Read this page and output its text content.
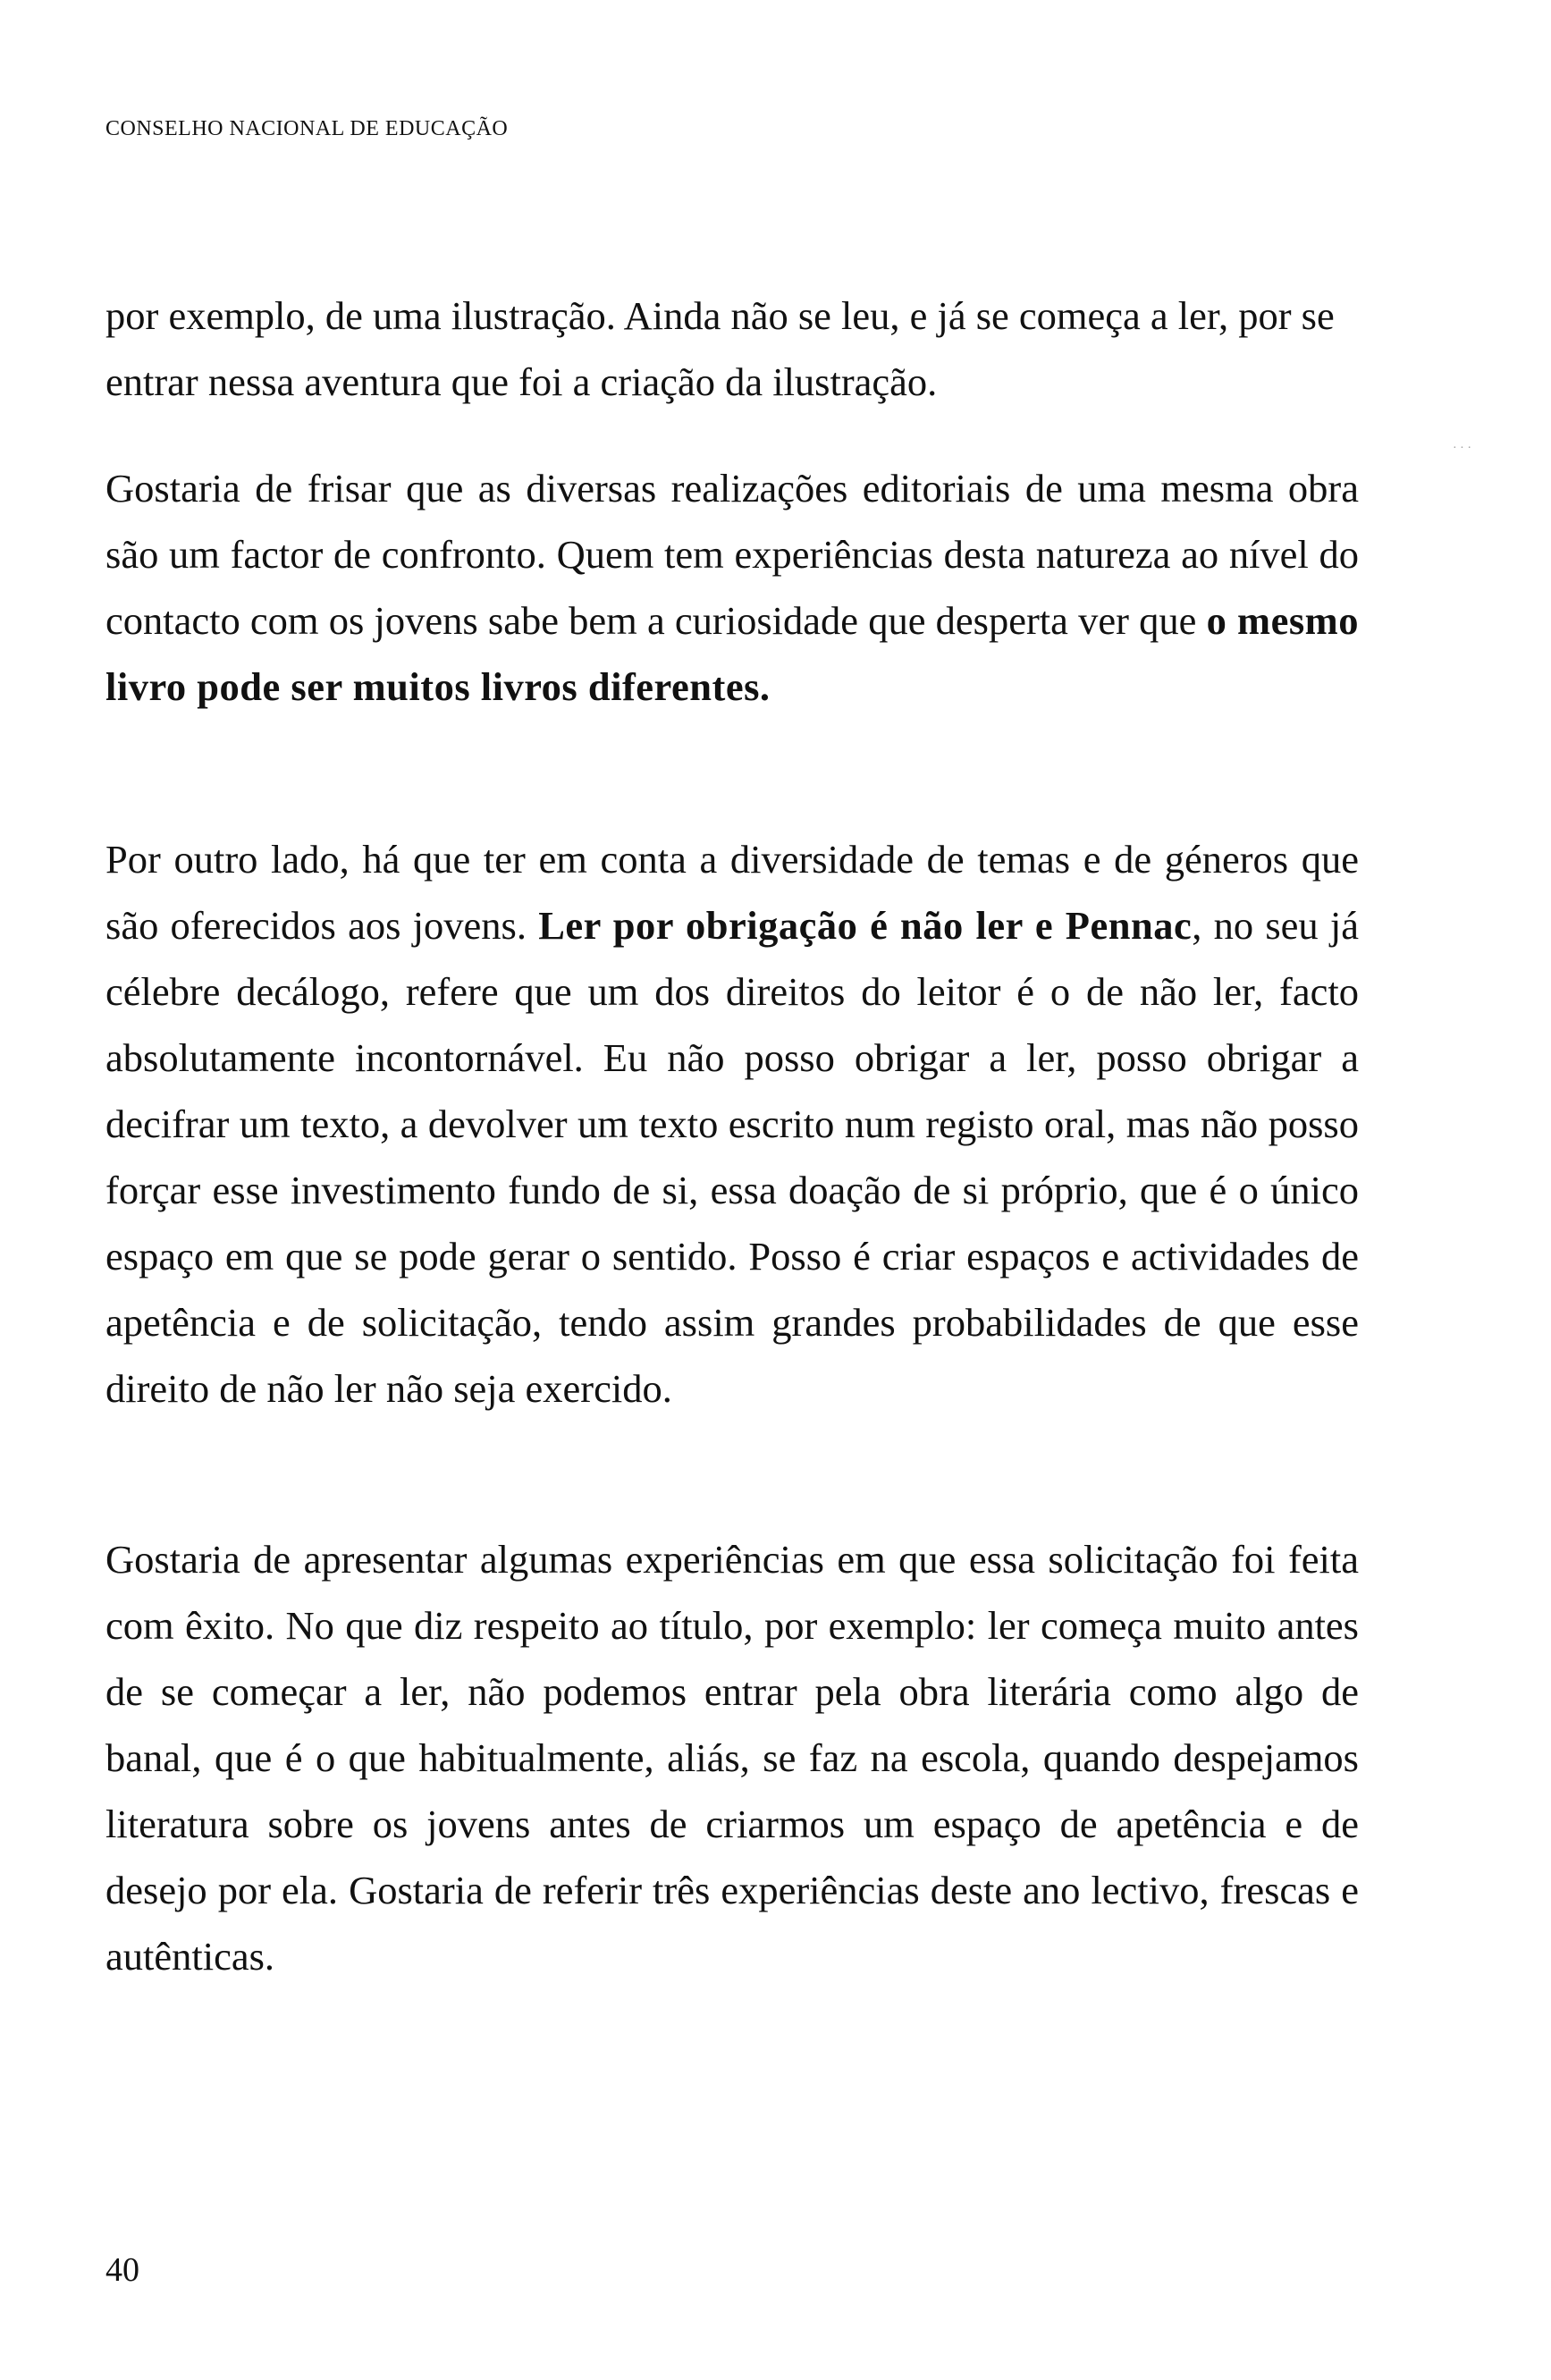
CONSELHO NACIONAL DE EDUCAÇÃO

por exemplo, de uma ilustração. Ainda não se leu, e já se começa a ler, por se entrar nessa aventura que foi a criação da ilustração.

Gostaria de frisar que as diversas realizações editoriais de uma mesma obra são um factor de confronto. Quem tem experiências desta natureza ao nível do contacto com os jovens sabe bem a curiosidade que desperta ver que o mesmo livro pode ser muitos livros diferentes.

Por outro lado, há que ter em conta a diversidade de temas e de géneros que são oferecidos aos jovens. Ler por obrigação é não ler e Pennac, no seu já célebre decálogo, refere que um dos direitos do leitor é o de não ler, facto absolutamente incontornável. Eu não posso obrigar a ler, posso obrigar a decifrar um texto, a devolver um texto escrito num registo oral, mas não posso forçar esse investimento fundo de si, essa doação de si próprio, que é o único espaço em que se pode gerar o sentido. Posso é criar espaços e actividades de apetência e de solicitação, tendo assim grandes probabilidades de que esse direito de não ler não seja exercido.

Gostaria de apresentar algumas experiências em que essa solicitação foi feita com êxito. No que diz respeito ao título, por exemplo: ler começa muito antes de se começar a ler, não podemos entrar pela obra literária como algo de banal, que é o que habitualmente, aliás, se faz na escola, quando despejamos literatura sobre os jovens antes de criarmos um espaço de apetência e de desejo por ela. Gostaria de referir três experiências deste ano lectivo, frescas e autênticas.

· · ·
40
